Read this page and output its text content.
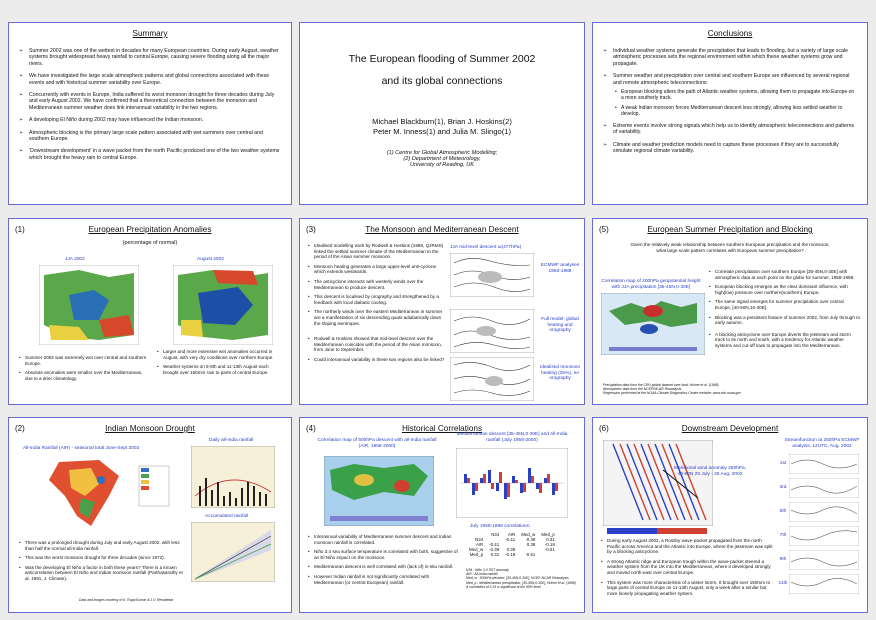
Summary
➢ Summer 2002 was one of the wettest in decades for many European countries. During early August, weather systems brought widespread heavy rainfall to central Europe, causing severe flooding along all the major rivers.
➢ We have investigated the large scale atmospheric patterns and global connections associated with these events and with historical summer variability over Europe.
➢ Concurrently with events in Europe, India suffered its worst monsoon drought for three decades during July and early August 2002. We have confirmed that a theoretical connection between the monsoon and Mediterranean summer weather does link interannual variability in the two regions.
➢ A developing El Niño during 2002 may have influenced the Indian monsoon.
➢ Atmospheric blocking is the primary large scale pattern associated with wet summers over central and southern Europe.
➢ ‘Downstream development’ in a wave packet from the north Pacific produced one of the two weather systems which brought the heavy rain to central Europe.
The European flooding of Summer 2002
and its global connections
Michael Blackburn(1), Brian J. Hoskins(2)
Peter M. Inness(1) and Julia M. Slingo(1)
(1) Centre for Global Atmospheric Modelling;
(2) Department of Meteorology,
University of Reading, UK
Conclusions
➢ Individual weather systems generate the precipitation that leads to flooding, but a variety of large scale atmospheric processes sets the regional environment within which these weather systems grow and propagate.
➢ Summer weather and precipitation over central and southern Europe are influenced by several regional and remote atmospheric teleconnections:
• European blocking alters the path of Atlantic weather systems, allowing them to propagate into Europe on a more southerly track.
• A weak Indian monsoon forces Mediterranean descent less strongly, allowing less settled weather to develop.
➢ Extreme events involve strong signals which help us to identify atmospheric teleconnections and patterns of variability.
➢ Climate and weather prediction models need to capture these processes if they are to successfully simulate regional climate variability.
(1)	European Precipitation Anomalies
(percentage of normal)
JJA 2002	August 2002
• Summer 2002 was extremely wet over central and southern Europe.
• Absolute anomalies were smaller over the Mediterranean, due to a drier climatology.
• Larger and more extensive wet anomalies occurred in August, with very dry conditions over northern Europe.
• Weather systems on 6-8th and 11-13th August each brought over 150mm rain to parts of central Europe.
(3)	The Monsoon and Mediterranean Descent
• Idealised modelling work by Rodwell & Hoskins (1996, QJRMS) linked the settled summer climate of the Mediterranean to the period of the Asian summer monsoon.
• Monsoon heating generates a large upper-level anti-cyclone which extends westwards.
• The anticyclone interacts with westerly winds over the Mediterranean to produce descent.
• This descent is localised by orography and strengthened by a feedback with local diabatic cooling.
• The northerly winds over the eastern Mediterranean in summer are a manifestation of six descending quasi-adiabatically down the sloping isentropes.
• Rodwell & Hoskins showed that mid-level descent over the Mediterranean coincides with the period of the Asian monsoon, from June to September.
• Could interannual variability in these two regions also be linked?
JJA mid-level descent ω(477hPa)
ECMWF analyses 1983-1988
Full model: global heating and orography
Idealised monsoon heating (25%), no orography
(5)	European Summer Precipitation and Blocking
Given the relatively weak relationship between southern European precipitation and the monsoon, what large scale pattern correlates with European summer precipitation?
Correlation map of 200hPa geopotential height with JJA precipitation [35-45N,0-30E]
• Correlate precipitation over southern Europe [35-45N,0-30E] with atmospheric data at each point on the globe for summer, 1958-1998.
• European blocking emerges as the clear dominant influence, with high(low) pressure over northern(southern) Europe.
• The same signal emerges for summer precipitation over central Europe, [40-50N,10-30E].
• Blocking was a persistent feature of summer 2002, from July through to early autumn.
• A blocking anticyclone over Europe diverts the jetstream and storm track to its north and south, with a tendency for Atlantic weather systems and cut-off lows to propagate into the Mediterranean.
Precipitation data from the CRU global dataset over land: Hulme et al. (1998).
Atmospheric data from the NCEP/NCAR Reanalysis.
Regression performed at the NOAA Climate Diagnostics Centre website: www.cdc.noaa.gov
(2)	Indian Monsoon Drought
All-India Rainfall (AIR) - seasonal total June-Sept 2002
Daily all-India rainfall
Accumulated rainfall
• There was a prolonged drought during July and early August 2002, with less than half the normal all-India rainfall.
• This was the worst monsoon drought for three decades (since 1972).
• Was the developing El Niño a factor in both these years? There is a known anticorrelation between El Niño and Indian monsoon rainfall (Parthasarathy et al. 1991, J. Climate).
Data and images courtesy of K. Rupa Kumar & J.V. Revadekar
(4)	Historical Correlations
Correlation map of 500hPa descent with all-India rainfall (AIR, 1958-2000)
Mediterranean descent [35-45N,0-30E] and All-India rainfall (July 1958-2000)
July 1958-1998 correlations:
	N34	AIR	Med_w	Med_p
N34		-0.41	-0.39	0.31
AIR	-0.41		0.39	-0.18
Med_w	-0.39	0.39		-0.61
Med_p	0.31	-0.18	-0.61	
N34 : Niño 3.4 SST anomaly
AIR : All-India rainfall
Med_w : 500hPa descent, [35-45N,0-30E], NCEP-NCAR Reanalysis
Med_p : Mediterranean precipitation, [35-45N,0-30E], Hulme et al. (1998)
A correlation of 0.31 is significant at the 95% level
• Interannual variability of Mediterranean summer descent and Indian monsoon rainfall is correlated.
• Niño 3.4 sea surface temperature is correlated with both, suggestive of an El Niño impact on the monsoon.
• Mediterranean descent is well correlated with (lack of) in-situ rainfall.
• However Indian rainfall is not significantly correlated with Mediterranean (or central European) rainfall.
(6)	Downstream Development
Meridional wind anomaly 250hPa, 40-60N 29 July - 26 Aug, 2002
Streamfunction at 250hPa ECMWF analysis, 12UTC, Aug. 2002
1st
3rd
5th
7th
9th
11th
• During early August 2002, a Rossby wave-packet propagated from the north Pacific across America and the Atlantic into Europe, where the jetstream was split by a blocking anticyclone.
• A strong Atlantic ridge and European trough within the wave-packet steered a weather system from the UK into the Mediterranean, where it developed strongly and moved north-east over central Europe.
• This system was more characteristic of a winter storm. It brought over 150mm to large parts of central Europe on 11-13th August, only a week after a similar but more loosely propagating weather system.
